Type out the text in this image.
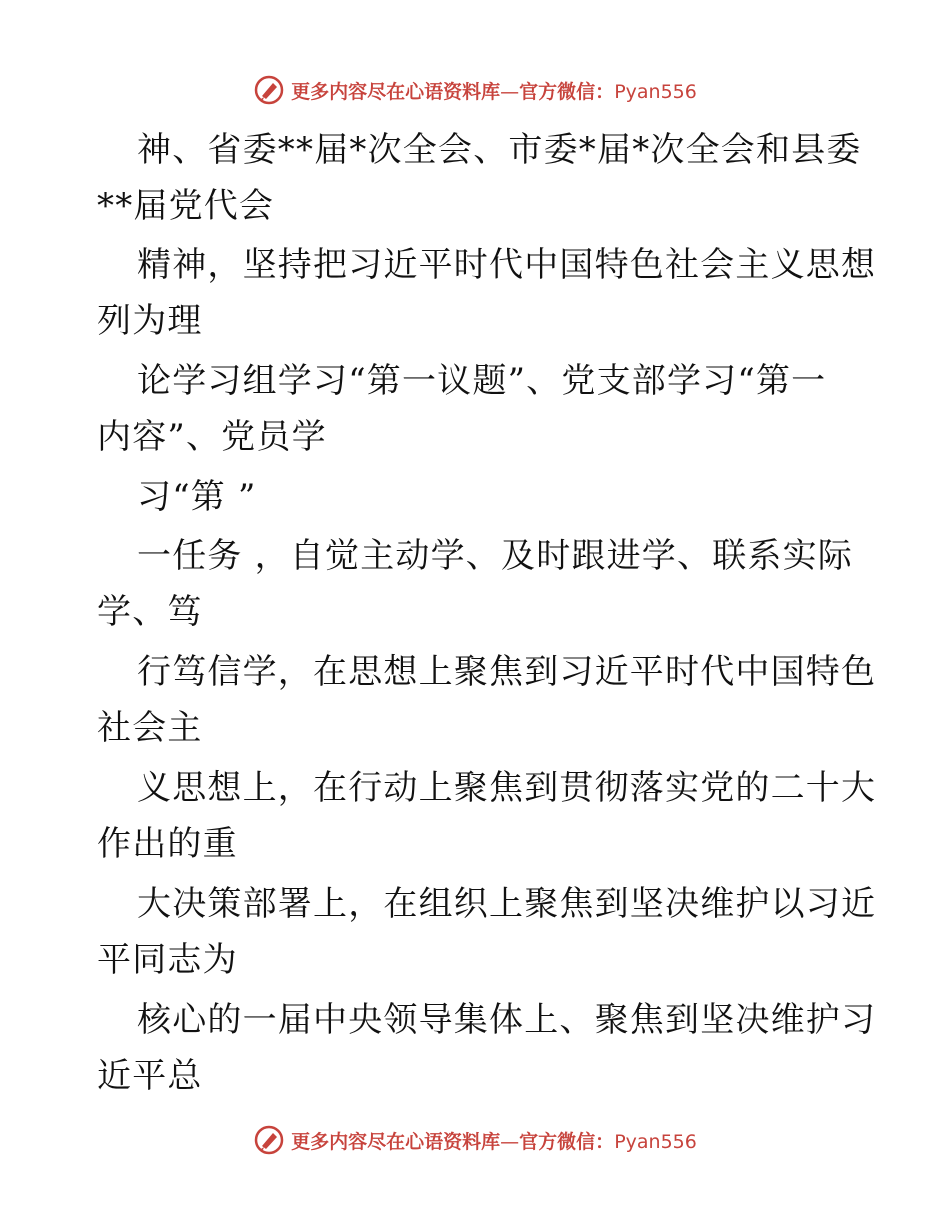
更多内容尽在心语资料库—官方微信：Pyan556
神、省委**届*次全会、市委*届*次全会和县委
**届党代会
精神，坚持把习近平时代中国特色社会主义思想
列为理
论学习组学习“第一议题”、党支部学习“第一
内容”、党员学
习“第 ”
一任务 ，自觉主动学、及时跟进学、联系实际
学、笃
行笃信学，在思想上聚焦到习近平时代中国特色
社会主
义思想上，在行动上聚焦到贯彻落实党的二十大
作出的重
大决策部署上，在组织上聚焦到坚决维护以习近
平同志为
核心的一届中央领导集体上、聚焦到坚决维护习
近平总
更多内容尽在心语资料库—官方微信：Pyan556
